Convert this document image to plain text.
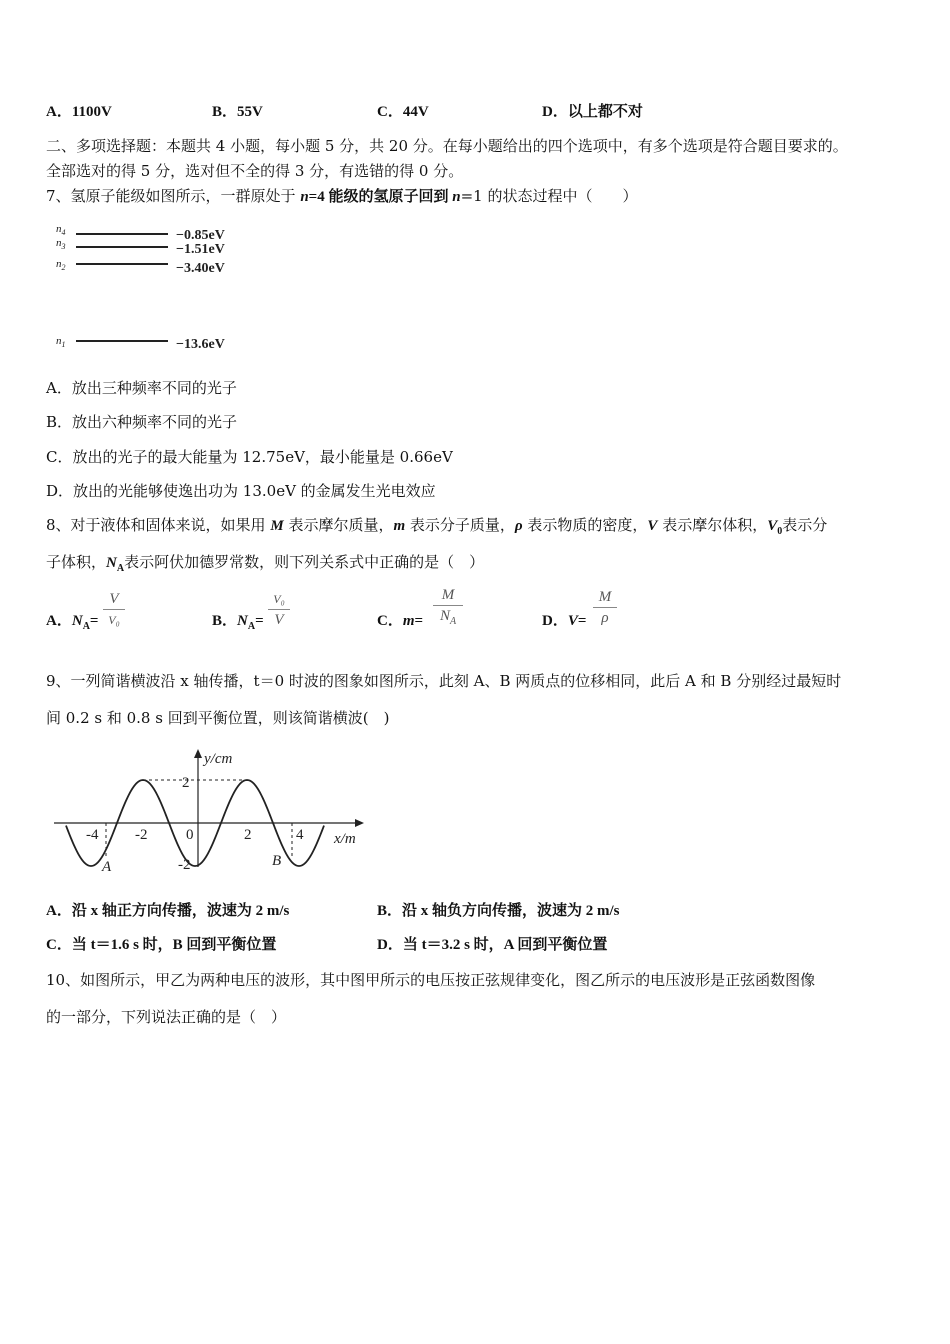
A．1100V	B．55V	C．44V	D．以上都不对
二、多项选择题：本题共 4 小题，每小题 5 分，共 20 分。在每小题给出的四个选项中，有多个选项是符合题目要求的。
全部选对的得 5 分，选对但不全的得 3 分，有选错的得 0 分。
7、氢原子能级如图所示，一群原处于 n=4 能级的氢原子回到 n=1 的状态过程中（　　）
$n_4$
$n_3$
$n_2$
$n_1$
−0.85eV
−1.51eV
−3.40eV
−13.6eV
A．放出三种频率不同的光子
B．放出六种频率不同的光子
C．放出的光子的最大能量为 12.75eV，最小能量是 0.66eV
D．放出的光能够使逸出功为 13.0eV 的金属发生光电效应
8、对于液体和固体来说，如果用 M 表示摩尔质量，m 表示分子质量，ρ 表示物质的密度，V 表示摩尔体积，$V_0$表示分
子体积，$N_A$表示阿伏加德罗常数，则下列关系式中正确的是（　）
A．$N_A=$
V
V₀	B．$N_A=$
V₀
V	C．m=
M
$N_A$	D．V=
M
ρ
9、一列简谐横波沿 x 轴传播，t＝0 时波的图象如图所示，此刻 A、B 两质点的位移相同，此后 A 和 B 分别经过最短时
间 0.2 s 和 0.8 s 回到平衡位置，则该简谐横波(　)
y/cm
x/m
2
-2
-4 -2	0	2	4
A	B
A．沿 x 轴正方向传播，波速为 2 m/s	B．沿 x 轴负方向传播，波速为 2 m/s
C．当 t＝1.6 s 时，B 回到平衡位置	D．当 t＝3.2 s 时，A 回到平衡位置
10、如图所示，甲乙为两种电压的波形，其中图甲所示的电压按正弦规律变化，图乙所示的电压波形是正弦函数图像
的一部分，下列说法正确的是（　）
